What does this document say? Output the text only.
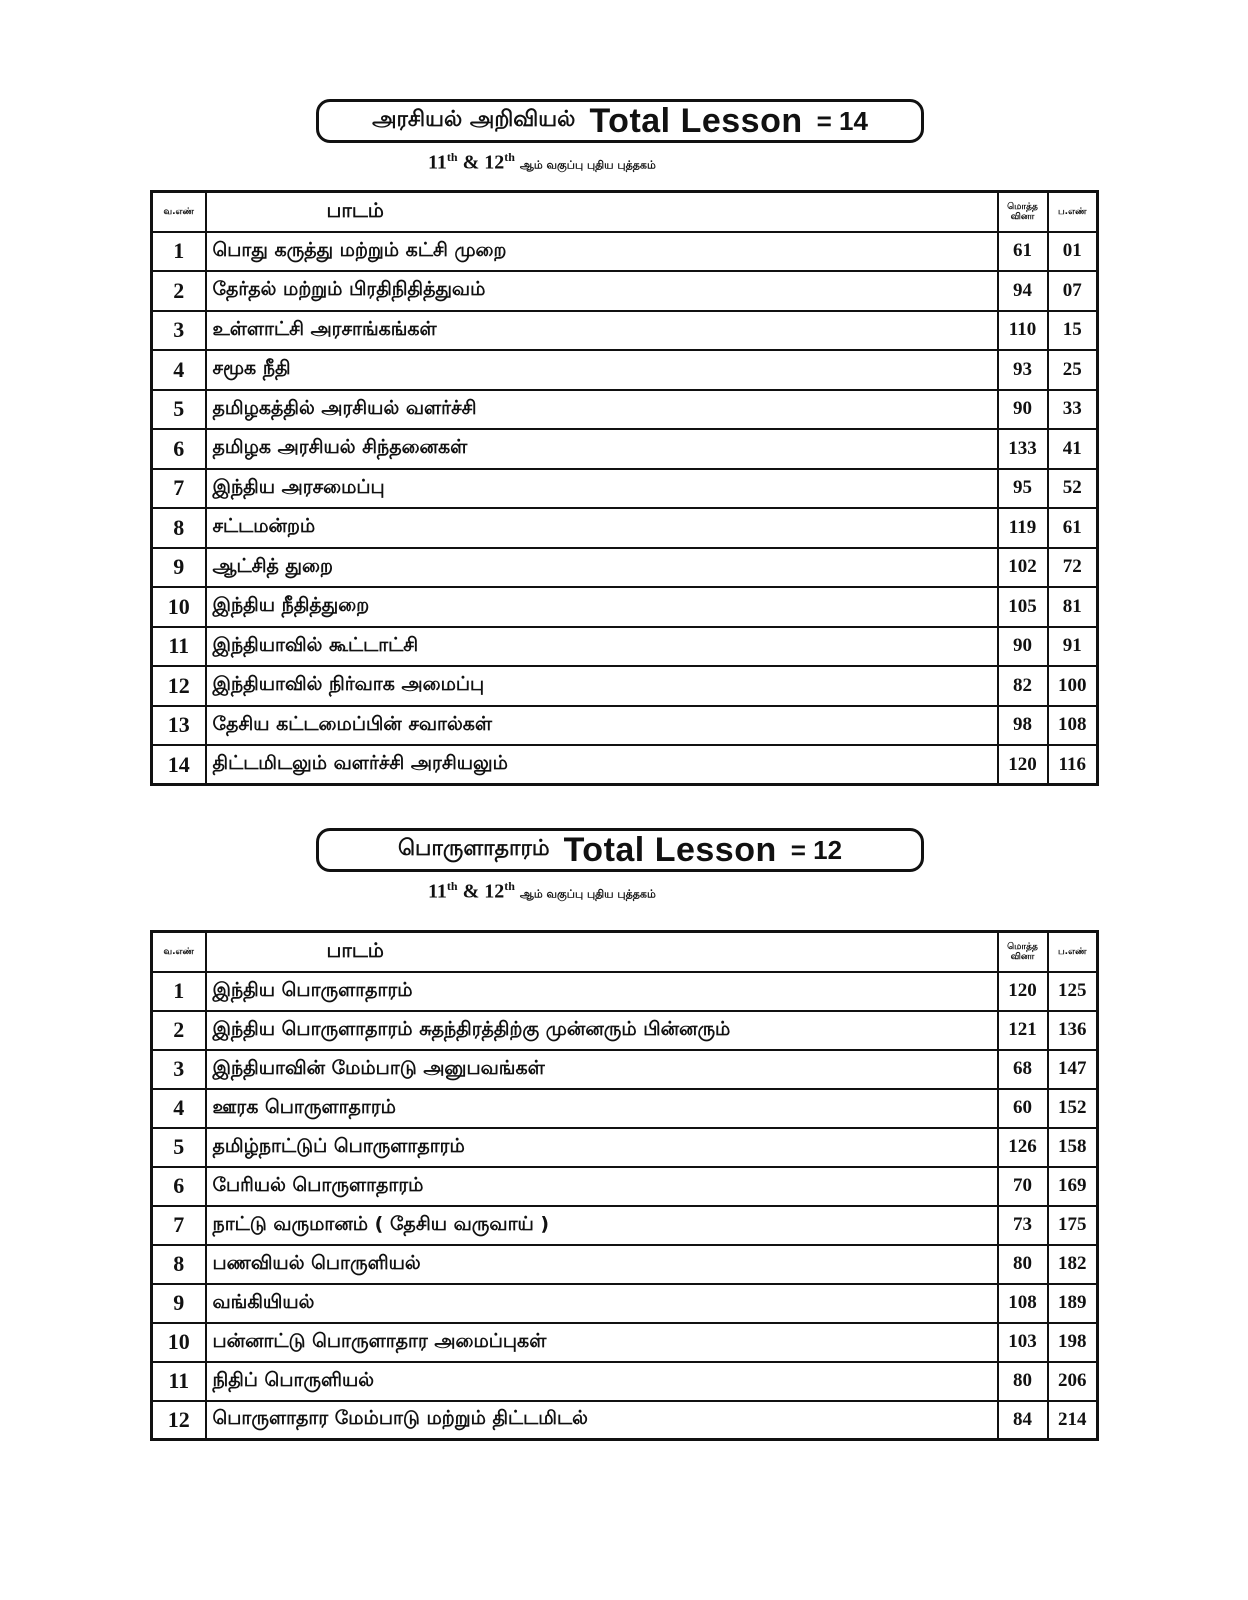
அரசியல் அறிவியல் Total Lesson = 14
11th & 12th ஆம் வகுப்பு புதிய புத்தகம்
வ.எண்	பாடம்	மொத்த வினா	ப.எண்
1	பொது கருத்து மற்றும் கட்சி முறை	61	01
2	தேர்தல் மற்றும் பிரதிநிதித்துவம்	94	07
3	உள்ளாட்சி அரசாங்கங்கள்	110	15
4	சமூக நீதி	93	25
5	தமிழகத்தில் அரசியல் வளர்ச்சி	90	33
6	தமிழக அரசியல் சிந்தனைகள்	133	41
7	இந்திய அரசமைப்பு	95	52
8	சட்டமன்றம்	119	61
9	ஆட்சித் துறை	102	72
10	இந்திய நீதித்துறை	105	81
11	இந்தியாவில் கூட்டாட்சி	90	91
12	இந்தியாவில் நிர்வாக அமைப்பு	82	100
13	தேசிய கட்டமைப்பின் சவால்கள்	98	108
14	திட்டமிடலும் வளர்ச்சி அரசியலும்	120	116
பொருளாதாரம் Total Lesson = 12
11th & 12th ஆம் வகுப்பு புதிய புத்தகம்
வ.எண்	பாடம்	மொத்த வினா	ப.எண்
1	இந்திய பொருளாதாரம்	120	125
2	இந்திய பொருளாதாரம் சுதந்திரத்திற்கு முன்னரும் பின்னரும்	121	136
3	இந்தியாவின் மேம்பாடு அனுபவங்கள்	68	147
4	ஊரக பொருளாதாரம்	60	152
5	தமிழ்நாட்டுப் பொருளாதாரம்	126	158
6	பேரியல் பொருளாதாரம்	70	169
7	நாட்டு வருமானம் ( தேசிய வருவாய் )	73	175
8	பணவியல் பொருளியல்	80	182
9	வங்கியியல்	108	189
10	பன்னாட்டு பொருளாதார அமைப்புகள்	103	198
11	நிதிப் பொருளியல்	80	206
12	பொருளாதார மேம்பாடு மற்றும் திட்டமிடல்	84	214
